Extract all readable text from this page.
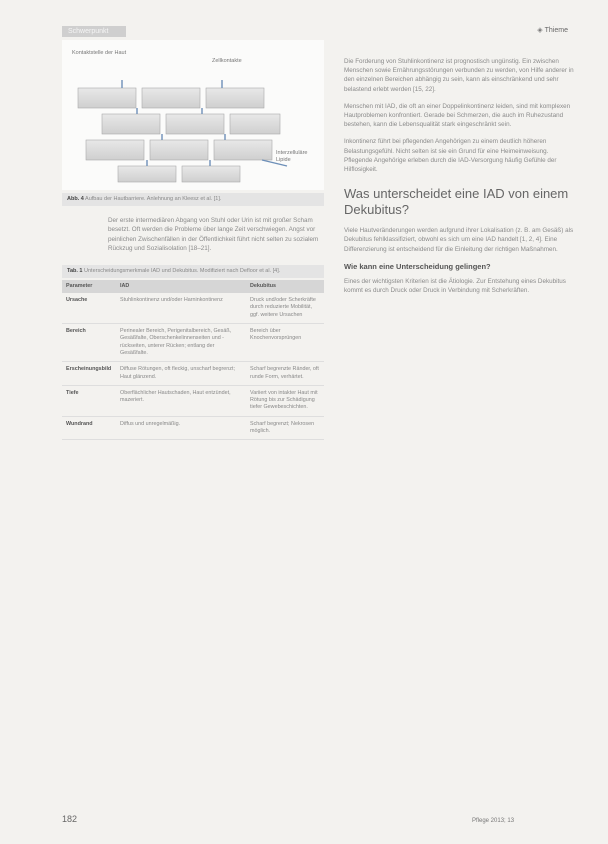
Schwerpunkt	◈ Thieme
Kontaktstelle der Haut
Zellkontakte
Interzelluläre Lipide
Abb. 4 Aufbau der Hautbarriere. Anlehnung an Kleesz et al. [1].
Der erste intermediären Abgang von Stuhl oder Urin ist mit großer Scham besetzt. Oft werden die Probleme über lange Zeit verschwiegen. Angst vor peinlichen Zwischenfällen in der Öffentlichkeit führt nicht selten zu sozialem Rückzug und Sozialisolation [18–21].
Tab. 1 Unterscheidungsmerkmale IAD und Dekubitus. Modifiziert nach Defloor et al. [4].
Parameter	IAD	Dekubitus
Ursache	Stuhlinkontinenz und/oder Harninkontinenz	Druck und/oder Scherkräfte durch reduzierte Mobilität, ggf. weitere Ursachen
Bereich	Perinealer Bereich, Perigenitalbereich, Gesäß, Gesäßfalte, Oberschenkelinnenseiten und -rückseiten, unterer Rücken; entlang der Gesäßfalte.	Bereich über Knochenvorsprüngen
Erscheinungsbild	Diffuse Rötungen, oft fleckig, unscharf begrenzt; Haut glänzend.	Scharf begrenzte Ränder, oft runde Form, verhärtet.
Tiefe	Oberflächlicher Hautschaden, Haut entzündet, mazeriert.	Variiert von intakter Haut mit Rötung bis zur Schädigung tiefer Gewebeschichten.
Wundrand	Diffus und unregelmäßig.	Scharf begrenzt; Nekrosen möglich.

Die Forderung von Stuhlinkontinenz ist prognostisch ungünstig. Ein zwischen Menschen sowie Ernährungsstörungen verbunden zu werden, von Hilfe anderer in den einzelnen Bereichen abhängig zu sein, kann als einschränkend und sehr belastend erlebt werden [15, 22].

Menschen mit IAD, die oft an einer Doppelinkontinenz leiden, sind mit komplexen Hautproblemen konfrontiert. Gerade bei Schmerzen, die auch im Ruhezustand bestehen, kann die Lebensqualität stark eingeschränkt sein.

Inkontinenz führt bei pflegenden Angehörigen zu einem deutlich höheren Belastungsgefühl. Nicht selten ist sie ein Grund für eine Heimeinweisung. Pflegende Angehörige erleben durch die IAD-Versorgung häufig Gefühle der Hilflosigkeit.

Was unterscheidet eine IAD von einem Dekubitus?

Viele Hautveränderungen werden aufgrund ihrer Lokalisation (z. B. am Gesäß) als Dekubitus fehlklassifiziert, obwohl es sich um eine IAD handelt [1, 2, 4]. Eine Differenzierung ist entscheidend für die Einleitung der richtigen Maßnahmen.

Wie kann eine Unterscheidung gelingen?

Eines der wichtigsten Kriterien ist die Ätiologie. Zur Entstehung eines Dekubitus kommt es durch Druck oder Druck in Verbindung mit Scherkräften.

182	Pflege 2013; 13
